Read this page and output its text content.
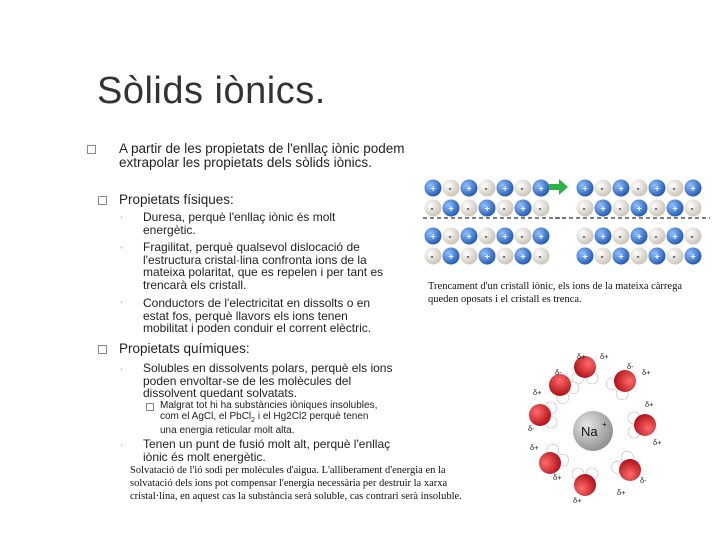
Sòlids iònics.
A partir de les propietats de l'enllaç iònic podem extrapolar les propietats dels sòlids iònics.
Propietats físiques:
◦ Duresa, perquè l'enllaç iònic és molt energètic.
◦ Fragilitat, perquè qualsevol dislocació de l'estructura cristal·lina confronta ions de la mateixa polaritat, que es repelen i per tant es trencarà els cristall.
◦ Conductors de l'electricitat en dissolts o en estat fos, perquè llavors els ions tenen mobilitat i poden conduir el corrent elèctric.
Propietats químiques:
◦ Solubles en dissolvents polars, perquè els ions poden envoltar-se de les molècules del dissolvent quedant solvatats.
Malgrat tot hi ha substàncies iòniques insolubles, com el AgCl, el PbCl$_2$ i el Hg2Cl2 perquè tenen una energia reticular molt alta.
◦ Tenen un punt de fusió molt alt, perquè l'enllaç iònic és molt energètic.
Solvatació de l'ió sodi per molècules d'aigua. L'alliberament d'energia en la solvatació dels ions pot compensar l'energia necessària per destruir la xarxa cristal·lina, en aquest cas la substància serà soluble, cas contrari serà insoluble.
Trencament d'un cristall iònic, els ions de la mateixa càrrega queden oposats i el cristall es trenca.
+ - + - + - +
- + - + - + -
+ - + - + - +
- + - + - + -
+ - + - + - +
- + - + - + -
- + - + - + -
+ - + - + - +
Na +
δ+ δ+
δ-
δ+
δ+
δ+
δ-
δ+
δ+
δ+
δ+
δ-
δ+
δ-
